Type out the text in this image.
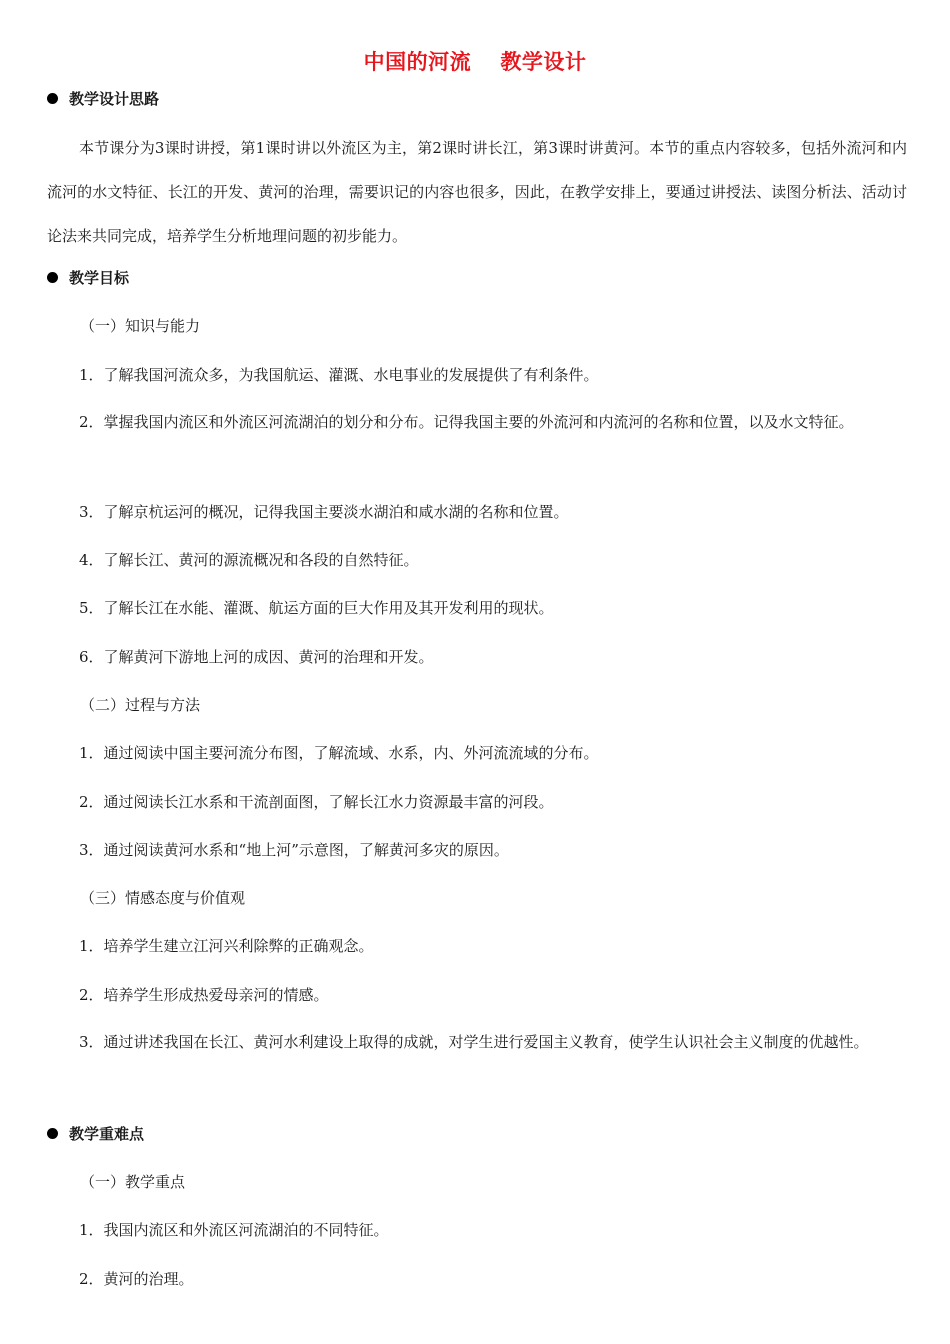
中国的河流　 教学设计
教学设计思路
本节课分为3课时讲授，第1课时讲以外流区为主，第2课时讲长江，第3课时讲黄河。本节的重点内容较多，包括外流河和内流河的水文特征、长江的开发、黄河的治理，需要识记的内容也很多，因此，在教学安排上，要通过讲授法、读图分析法、活动讨论法来共同完成，培养学生分析地理问题的初步能力。
教学目标
（一）知识与能力
1．了解我国河流众多，为我国航运、灌溉、水电事业的发展提供了有利条件。
2．掌握我国内流区和外流区河流湖泊的划分和分布。记得我国主要的外流河和内流河的名称和位置，以及水文特征。
3．了解京杭运河的概况，记得我国主要淡水湖泊和咸水湖的名称和位置。
4．了解长江、黄河的源流概况和各段的自然特征。
5．了解长江在水能、灌溉、航运方面的巨大作用及其开发利用的现状。
6．了解黄河下游地上河的成因、黄河的治理和开发。
（二）过程与方法
1．通过阅读中国主要河流分布图，了解流域、水系，内、外河流流域的分布。
2．通过阅读长江水系和干流剖面图，了解长江水力资源最丰富的河段。
3．通过阅读黄河水系和“地上河”示意图，了解黄河多灾的原因。
（三）情感态度与价值观
1．培养学生建立江河兴利除弊的正确观念。
2．培养学生形成热爱母亲河的情感。
3．通过讲述我国在长江、黄河水利建设上取得的成就，对学生进行爱国主义教育，使学生认识社会主义制度的优越性。
教学重难点
（一）教学重点
1．我国内流区和外流区河流湖泊的不同特征。
2．黄河的治理。
